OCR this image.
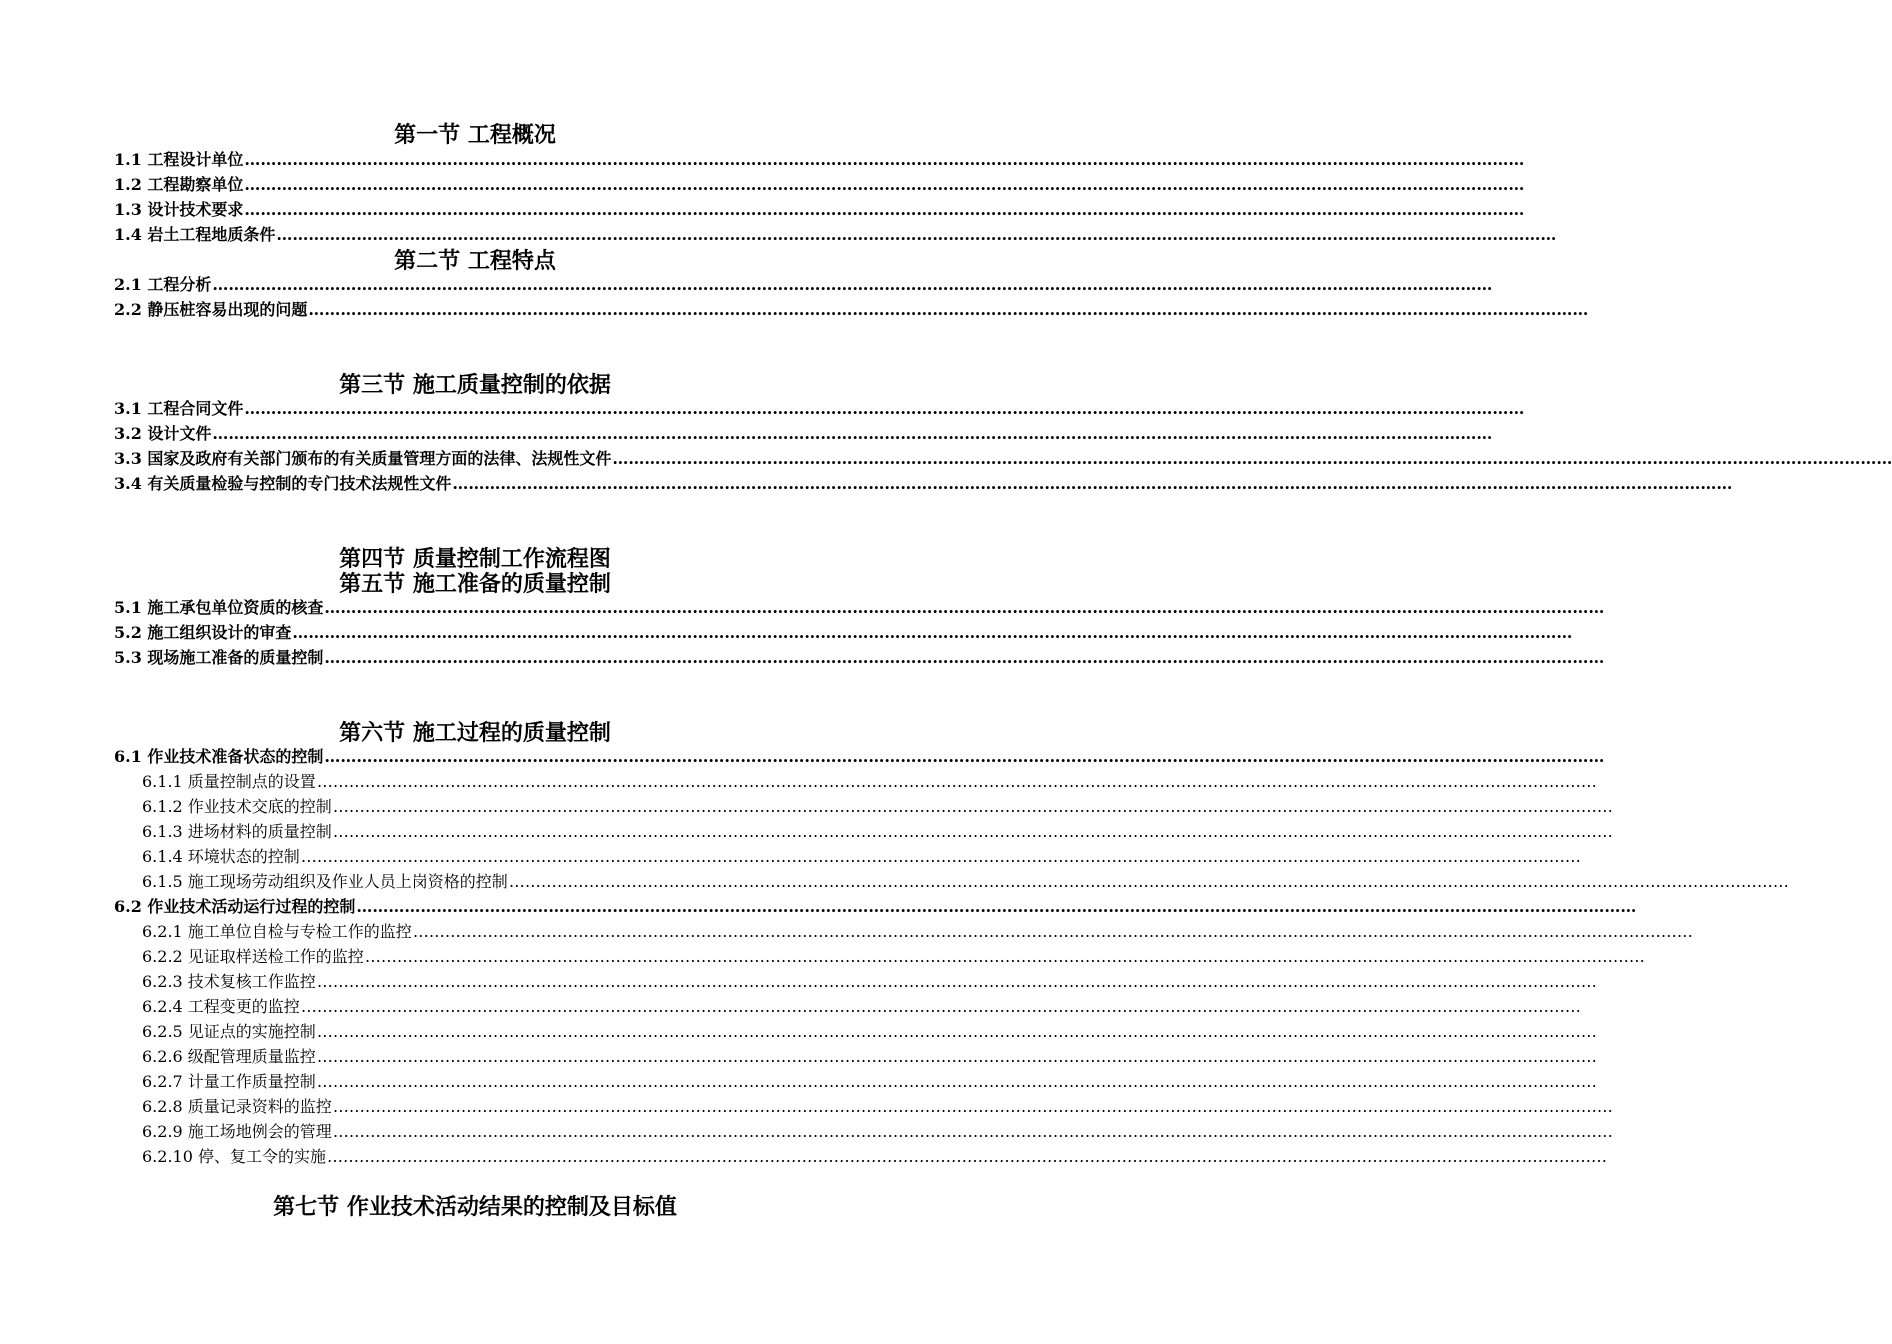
第一节 工程概况
1.1 工程设计单位……………………………………………………………………………………………………………………………………………………………………………………………………………………
1.2 工程勘察单位……………………………………………………………………………………………………………………………………………………………………………………………………………………
1.3 设计技术要求……………………………………………………………………………………………………………………………………………………………………………………………………………………
1.4 岩土工程地质条件……………………………………………………………………………………………………………………………………………………………………………………………………………………
第二节 工程特点
2.1 工程分析……………………………………………………………………………………………………………………………………………………………………………………………………………………
2.2 静压桩容易出现的问题……………………………………………………………………………………………………………………………………………………………………………………………………………………
第三节 施工质量控制的依据
3.1 工程合同文件……………………………………………………………………………………………………………………………………………………………………………………………………………………
3.2 设计文件……………………………………………………………………………………………………………………………………………………………………………………………………………………
3.3 国家及政府有关部门颁布的有关质量管理方面的法律、法规性文件……………………………………………………………………………………………………………………………………………………………………………………………………………………
3.4 有关质量检验与控制的专门技术法规性文件……………………………………………………………………………………………………………………………………………………………………………………………………………………
第四节 质量控制工作流程图
第五节 施工准备的质量控制
5.1 施工承包单位资质的核查……………………………………………………………………………………………………………………………………………………………………………………………………………………
5.2 施工组织设计的审查……………………………………………………………………………………………………………………………………………………………………………………………………………………
5.3 现场施工准备的质量控制……………………………………………………………………………………………………………………………………………………………………………………………………………………
第六节 施工过程的质量控制
6.1 作业技术准备状态的控制……………………………………………………………………………………………………………………………………………………………………………………………………………………
6.1.1 质量控制点的设置……………………………………………………………………………………………………………………………………………………………………………………………………………………
6.1.2 作业技术交底的控制……………………………………………………………………………………………………………………………………………………………………………………………………………………
6.1.3 进场材料的质量控制……………………………………………………………………………………………………………………………………………………………………………………………………………………
6.1.4 环境状态的控制……………………………………………………………………………………………………………………………………………………………………………………………………………………
6.1.5 施工现场劳动组织及作业人员上岗资格的控制……………………………………………………………………………………………………………………………………………………………………………………………………………………
6.2 作业技术活动运行过程的控制……………………………………………………………………………………………………………………………………………………………………………………………………………………
6.2.1 施工单位自检与专检工作的监控……………………………………………………………………………………………………………………………………………………………………………………………………………………
6.2.2 见证取样送检工作的监控……………………………………………………………………………………………………………………………………………………………………………………………………………………
6.2.3 技术复核工作监控……………………………………………………………………………………………………………………………………………………………………………………………………………………
6.2.4 工程变更的监控……………………………………………………………………………………………………………………………………………………………………………………………………………………
6.2.5 见证点的实施控制……………………………………………………………………………………………………………………………………………………………………………………………………………………
6.2.6 级配管理质量监控……………………………………………………………………………………………………………………………………………………………………………………………………………………
6.2.7 计量工作质量控制……………………………………………………………………………………………………………………………………………………………………………………………………………………
6.2.8 质量记录资料的监控……………………………………………………………………………………………………………………………………………………………………………………………………………………
6.2.9 施工场地例会的管理……………………………………………………………………………………………………………………………………………………………………………………………………………………
6.2.10 停、复工令的实施……………………………………………………………………………………………………………………………………………………………………………………………………………………
第七节 作业技术活动结果的控制及目标值
